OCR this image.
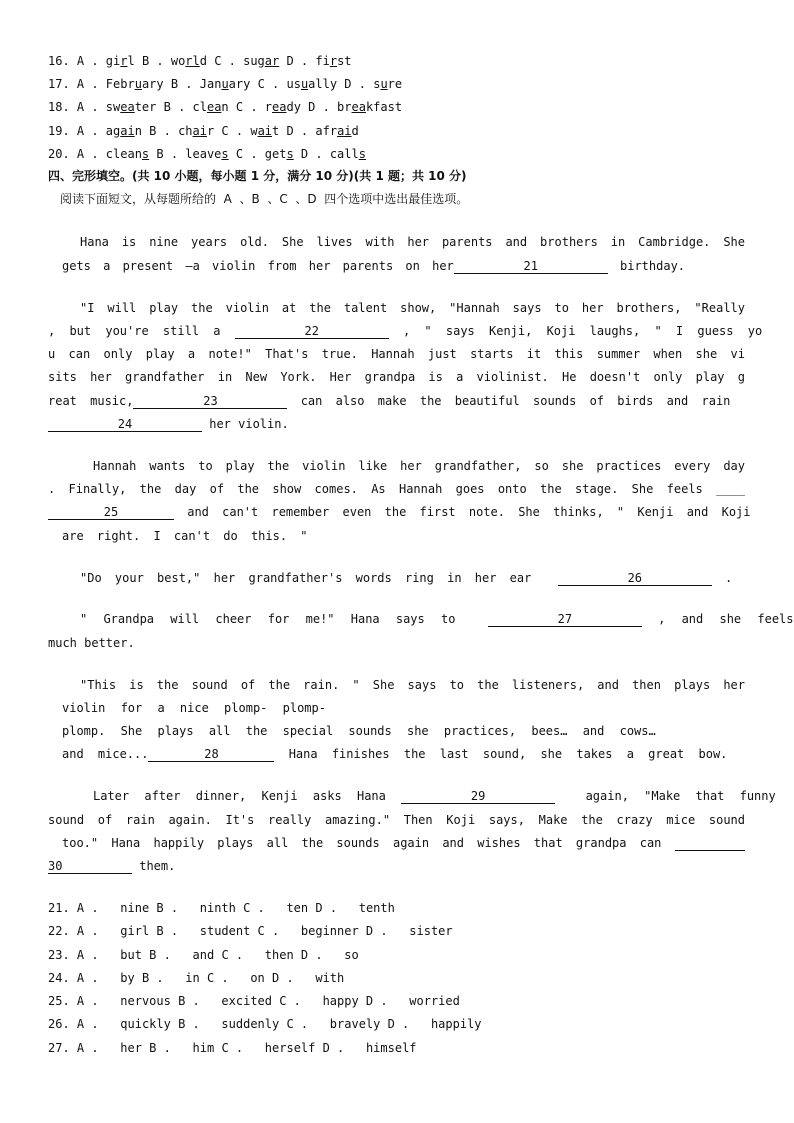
16. A . girl B . world C . sugar D . first
17. A . February B . January C . usually D . sure
18. A . sweater B . clean C . ready D . breakfast
19. A . again B . chair C . wait D . afraid
20. A . cleans B . leaves C . gets D . calls
四、完形填空。(共 10 小题，每小题 1 分，满分 10 分)(共 1 题；共 10 分)
阅读下面短文，从每题所给的  A  、B  、C  、D  四个选项中选出最佳选项。
Hana is nine years old. She lives with her parents and brothers in Cambridge. She
gets a present —a violin from her parents on her	21	birthday.
"I will play the violin at the talent show, "Hannah says to her brothers, "Really
, but you're still a	22	, " says Kenji, Koji laughs, " I guess yo
u can only play a note!" That's true. Hannah just starts it this summer when she vi
sits her grandfather in New York. Her grandpa is a violinist. He doesn't only play g
reat music,	23	can also make the beautiful sounds of birds and rain
24	her violin.
Hannah wants to play the violin like her grandfather, so she practices every day
. Finally, the day of the show comes. As Hannah goes onto the stage. She feels ____
25	and can't remember even the first note. She thinks, " Kenji and Koji
are right. I can't do this. "
"Do your best," her grandfather's words ring in her ear	26	.
" Grandpa will cheer for me!" Hana says to	27	, and she feels
much better.
"This is the sound of the rain. " She says to the listeners, and then plays her
violin for a nice plomp- plomp-
plomp. She plays all the special sounds she practices, bees… and cows…
and mice...	28	Hana finishes the last sound, she takes a great bow.
Later after dinner, Kenji asks Hana	29	again, "Make that funny
sound of rain again. It's really amazing." Then Koji says, Make the crazy mice sound
too." Hana happily plays all the sounds again and wishes that grandpa can
30	them.
21. A .   nine B .   ninth C .   ten D .   tenth
22. A .   girl B .   student C .   beginner D .   sister
23. A .   but B .   and C .   then D .   so
24. A .   by B .   in C .   on D .   with
25. A .   nervous B .   excited C .   happy D .   worried
26. A .   quickly B .   suddenly C .   bravely D .   happily
27. A .   her B .   him C .   herself D .   himself
